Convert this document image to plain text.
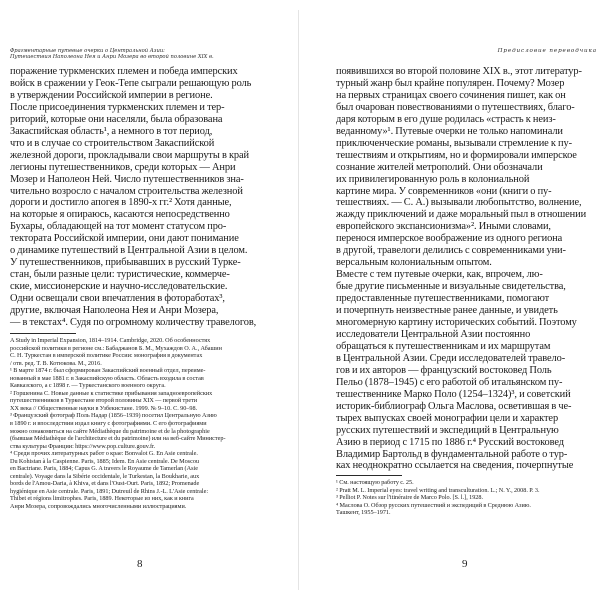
Фрагментарные путевые очерки о Центральной Азии:
Путешествия Наполеона Нея и Анри Мозера во второй половине XIX в.
поражение туркменских племен и победа имперских
войск в сражении у Геок-Тепе сыграли решающую роль
в утверждении Российской империи в регионе.
После присоединения туркменских племен и тер-
риторий, которые они населяли, была образована
Закаспийская область¹, а немного в тот период,
что и в случае со строительством Закаспийской
железной дороги, прокладывали свои маршруты в край
легионы путешественников, среди которых — Анри
Мозер и Наполеон Ней. Число путешественников зна-
чительно возросло с началом строительства железной
дороги и достигло апогея в 1890-х гг.² Хотя данные,
на которые я опираюсь, касаются непосредственно
Бухары, обладающей на тот момент статусом про-
тектората Российской империи, они дают понимание
о динамике путешествий в Центральной Азии в целом.
У путешественников, прибывавших в русский Турке-
стан, были разные цели: туристические, коммерче-
ские, миссионерские и научно-исследовательские.
Одни освещали свои впечатления в фотоработах³,
другие, включая Наполеона Нея и Анри Мозера,
— в текстах⁴. Судя по огромному количеству травелогов,
A Study in Imperial Expansion, 1814–1914. Cambridge, 2020. Об особенностях
российской политики в регионе см.: Бабаджанов Б. М., Мухаждов О. А., Абашин
С. Н. Туркестан в имперской политике России: монография в документах
/ отв. ред. Т. В. Котюкова. М., 2016.
¹ В марте 1874 г. был сформирован Закаспийский военный отдел, переиме-
нованный в мае 1881 г. в Закаспийскую область. Область входила в состав
Кавказского, а с 1898 г. — Туркестанского военного округа.
² Горшенина С. Новые данные к статистике прибывания западноевропейских
путешественников в Туркестане второй половины XIX — первой трети
XX века // Общественные науки в Узбекистане. 1999. № 9–10. С. 90–98.
³ Французский фотограф Поль Надар (1856–1939) посетил Центральную Азию
в 1890 г. и впоследствии издал книгу с фотографиями. С его фотографиями
можно ознакомиться на сайте Médiathèque du patrimoine et de la photographie
(бывшая Médiathèque de l'architecture et du patrimoine) или на веб-сайте Министер-
ства культуры Франции: https://www.pop.culture.gouv.fr.
⁴ Среди прочих литературных работ о крае: Bonvalot G. En Asie centrale.
Du Kohistan à la Caspienne. Paris, 1885; Idem. En Asie centrale. De Moscou
en Bactriane. Paris, 1884; Capus G. A travers le Royaume de Tamerlan (Asie
centrale). Voyage dans la Sibérie occidentale, le Turkestan, la Boukharie, aux
bords de l'Amou-Daria, à Khiva, et dans l'Oust-Ourt. Paris, 1892; Promenade
hygiénique en Asie centrale. Paris, 1891; Dutreuil de Rhins J.-L. L'Asie centrale:
Thibet et régions limitrophes. Paris, 1889. Некоторые из них, как и книга
Анри Мозера, сопровождались многочисленными иллюстрациями.
8
Предисловие переводчика
появившихся во второй половине XIX в., этот литератур-
турный жанр был крайне популярен. Почему? Мозер
на первых страницах своего сочинения пишет, как он
был очарован повествованиями о путешествиях, благо-
даря которым в его душе родилась «страсть к неиз-
веданному»¹. Путевые очерки не только напоминали
приключенческие романы, вызывали стремление к пу-
тешествиям и открытиям, но и формировали имперское
сознание жителей метрополий. Они обозначали
их привилегированную роль в колониальной
картине мира. У современников «они (книги о пу-
тешествиях. — С. А.) вызывали любопытство, волнение,
жажду приключений и даже моральный пыл в отношении
европейского экспансионизма»². Иными словами,
перенося имперское воображение из одного региона
в другой, травелоги делились с современниками уни-
версальным колониальным опытом.
Вместе с тем путевые очерки, как, впрочем, лю-
бые другие письменные и визуальные свидетельства,
предоставленные путешественниками, помогают
и почерпнуть неизвестные ранее данные, и увидеть
многомерную картину исторических событий. Поэтому
исследователи Центральной Азии постоянно
обращаться к путешественникам и их маршрутам
в Центральной Азии. Среди исследователей травело-
гов и их авторов — французский востоковед Поль
Пельо (1878–1945) с его работой об итальянском пу-
тешественнике Марко Поло (1254–1324)³, и советский
историк-библиограф Ольга Маслова, осветившая в че-
тырех выпусках своей монографии цели и характер
русских путешествий и экспедиций в Центральную
Азию в период с 1715 по 1886 г.⁴ Русский востоковед
Владимир Бартольд в фундаментальной работе о тур-
ках неоднократно ссылается на сведения, почерпнутые
¹ См. настоящую работу с. 25.
² Pratt M. L. Imperial eyes: travel writing and transculturation. L.; N. Y., 2008. P. 3.
³ Pelliot P. Notes sur l'itinéraire de Marco Polo. [S. l.], 1928.
⁴ Маслова О. Обзор русских путешествий и экспедиций в Среднюю Азию.
Ташкент, 1955–1971.
9
